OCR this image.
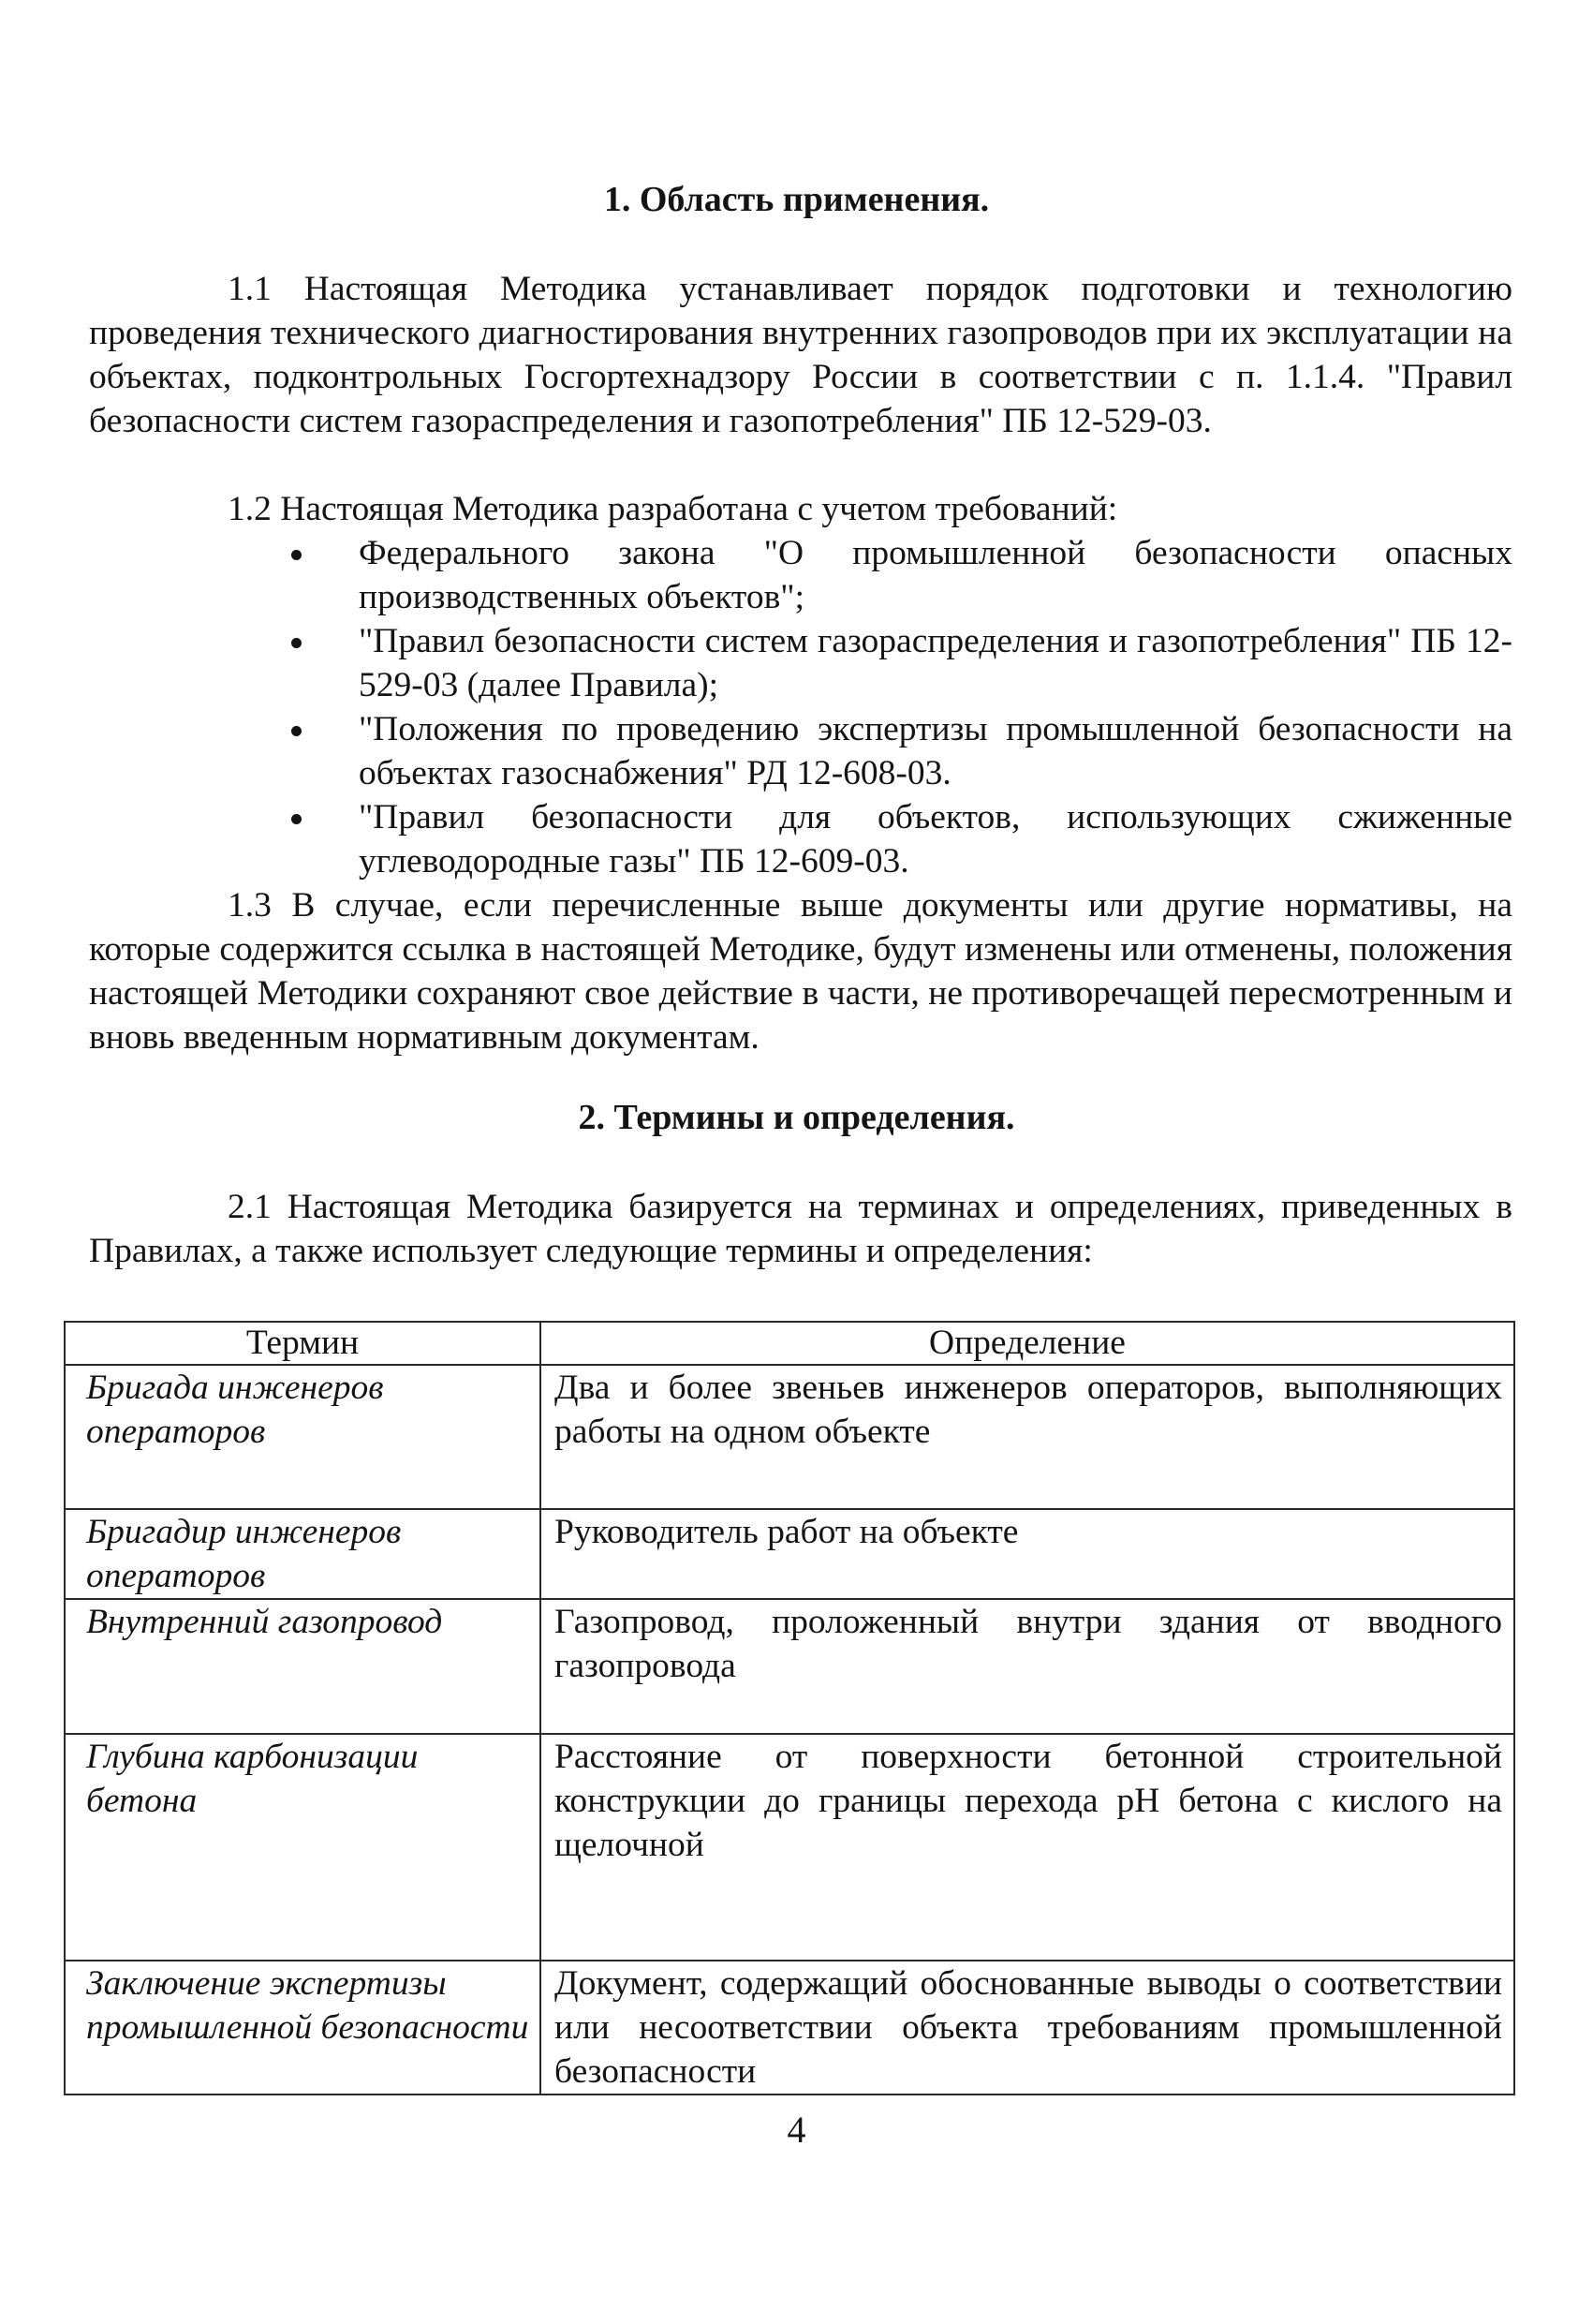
1. Область применения.

1.1 Настоящая Методика устанавливает порядок подготовки и технологию проведения технического диагностирования внутренних газопроводов при их эксплуатации на объектах, подконтрольных Госгортехнадзору России в соответствии с п. 1.1.4. "Правил безопасности систем газораспределения и газопотребления" ПБ 12-529-03.

1.2 Настоящая Методика разработана с учетом требований:

Федерального закона "О промышленной безопасности опасных производственных объектов";
"Правил безопасности систем газораспределения и газопотребления" ПБ 12-529-03 (далее Правила);
"Положения по проведению экспертизы промышленной безопасности на объектах газоснабжения" РД 12-608-03.
"Правил безопасности для объектов, использующих сжиженные углеводородные газы" ПБ 12-609-03.

1.3 В случае, если перечисленные выше документы или другие нормативы, на которые содержится ссылка в настоящей Методике, будут изменены или отменены, положения настоящей Методики сохраняют свое действие в части, не противоречащей пересмотренным и вновь введенным нормативным документам.

2. Термины и определения.

2.1 Настоящая Методика базируется на терминах и определениях, приведенных в Правилах, а также использует следующие термины и определения:

Термин	Определение
Бригада инженеров операторов	Два и более звеньев инженеров операторов, выполняющих работы на одном объекте
Бригадир инженеров операторов	Руководитель работ на объекте
Внутренний газопровод	Газопровод, проложенный внутри здания от вводного газопровода
Глубина карбонизации бетона	Расстояние от поверхности бетонной строительной конструкции до границы перехода pH бетона с кислого на щелочной
Заключение экспертизы промышленной безопасности	Документ, содержащий обоснованные выводы о соответствии или несоответствии объекта требованиям промышленной безопасности

4
